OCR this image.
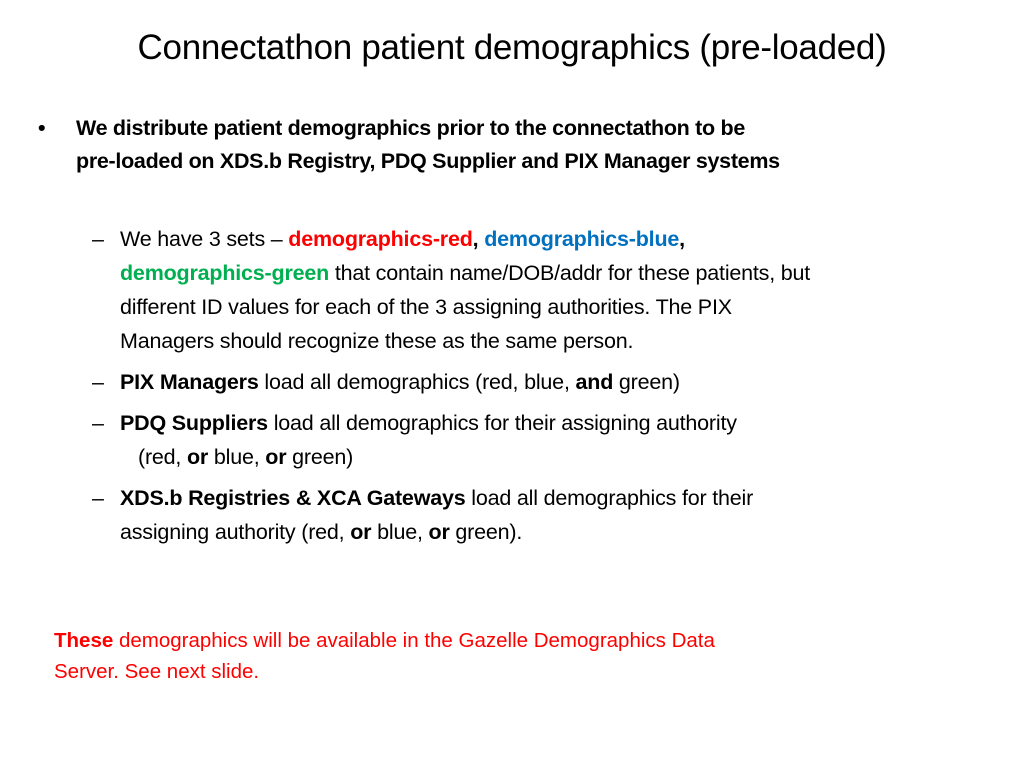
Connectathon patient demographics (pre-loaded)
• We distribute patient demographics prior to the connectathon to be
pre-loaded on XDS.b Registry, PDQ Supplier and PIX Manager systems
– We have 3 sets – demographics-red, demographics-blue,
demographics-green that contain name/DOB/addr for these patients, but
different ID values for each of the 3 assigning authorities. The PIX
Managers should recognize these as the same person.
– PIX Managers load all demographics (red, blue, and green)
– PDQ Suppliers load all demographics for their assigning authority
(red, or blue, or green)
– XDS.b Registries & XCA Gateways load all demographics for their
assigning authority (red, or blue, or green).
These demographics will be available in the Gazelle Demographics Data
Server. See next slide.
